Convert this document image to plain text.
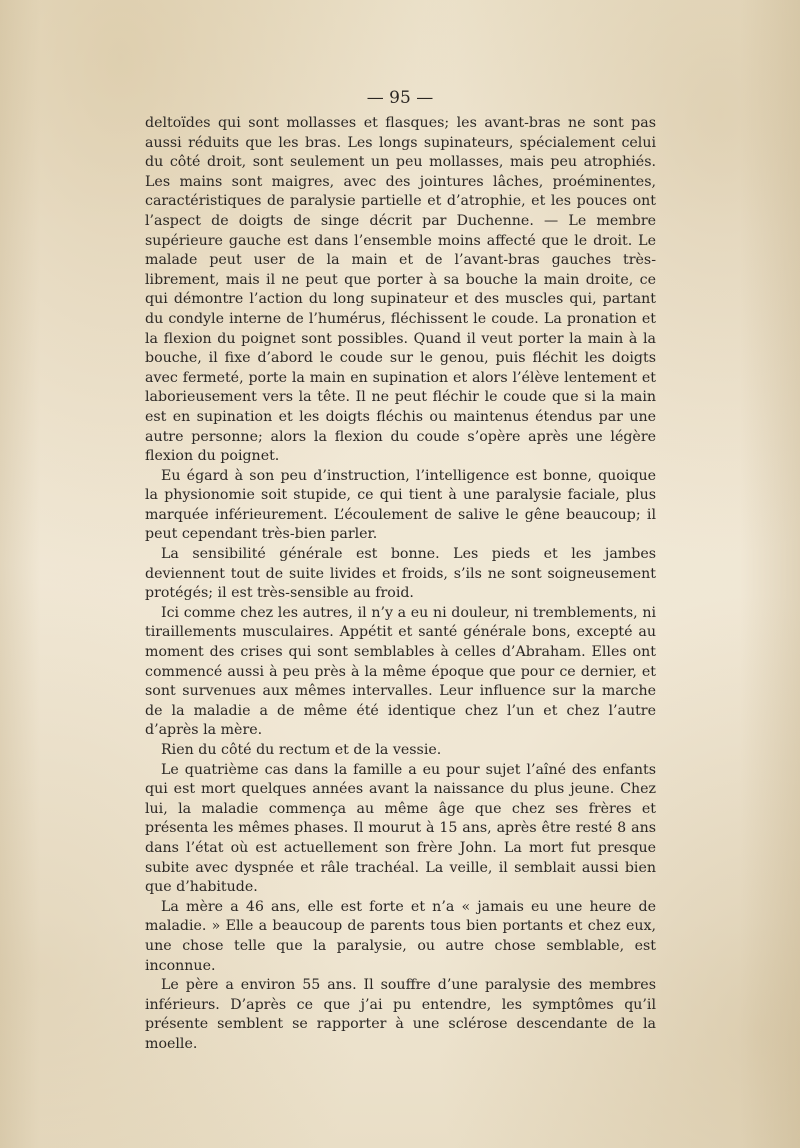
— 95 —

deltoïdes qui sont mollasses et flasques; les avant-bras ne sont pas aussi réduits que les bras. Les longs supinateurs, spécialement celui du côté droit, sont seulement un peu mollasses, mais peu atrophiés. Les mains sont maigres, avec des jointures lâches, proéminentes, caractéristiques de paralysie partielle et d’atrophie, et les pouces ont l’aspect de doigts de singe décrit par Duchenne. — Le membre supérieure gauche est dans l’ensemble moins affecté que le droit. Le malade peut user de la main et de l’avant-bras gauches très-librement, mais il ne peut que porter à sa bouche la main droite, ce qui démontre l’action du long supinateur et des muscles qui, partant du condyle interne de l’humérus, fléchissent le coude. La pronation et la flexion du poignet sont possibles. Quand il veut porter la main à la bouche, il fixe d’abord le coude sur le genou, puis fléchit les doigts avec fermeté, porte la main en supination et alors l’élève lentement et laborieusement vers la tête. Il ne peut fléchir le coude que si la main est en supination et les doigts fléchis ou maintenus étendus par une autre personne; alors la flexion du coude s’opère après une légère flexion du poignet.

Eu égard à son peu d’instruction, l’intelligence est bonne, quoique la physionomie soit stupide, ce qui tient à une paralysie faciale, plus marquée inférieurement. L’écoulement de salive le gêne beaucoup; il peut cependant très-bien parler.

La sensibilité générale est bonne. Les pieds et les jambes deviennent tout de suite livides et froids, s’ils ne sont soigneusement protégés; il est très-sensible au froid.

Ici comme chez les autres, il n’y a eu ni douleur, ni tremblements, ni tiraillements musculaires. Appétit et santé générale bons, excepté au moment des crises qui sont semblables à celles d’Abraham. Elles ont commencé aussi à peu près à la même époque que pour ce dernier, et sont survenues aux mêmes intervalles. Leur influence sur la marche de la maladie a de même été identique chez l’un et chez l’autre d’après la mère.

Rien du côté du rectum et de la vessie.

Le quatrième cas dans la famille a eu pour sujet l’aîné des enfants qui est mort quelques années avant la naissance du plus jeune. Chez lui, la maladie commença au même âge que chez ses frères et présenta les mêmes phases. Il mourut à 15 ans, après être resté 8 ans dans l’état où est actuellement son frère John. La mort fut presque subite avec dyspnée et râle trachéal. La veille, il semblait aussi bien que d’habitude.

La mère a 46 ans, elle est forte et n’a « jamais eu une heure de maladie. » Elle a beaucoup de parents tous bien portants et chez eux, une chose telle que la paralysie, ou autre chose semblable, est inconnue.

Le père a environ 55 ans. Il souffre d’une paralysie des membres inférieurs. D’après ce que j’ai pu entendre, les symptômes qu’il présente semblent se rapporter à une sclérose descendante de la moelle.
